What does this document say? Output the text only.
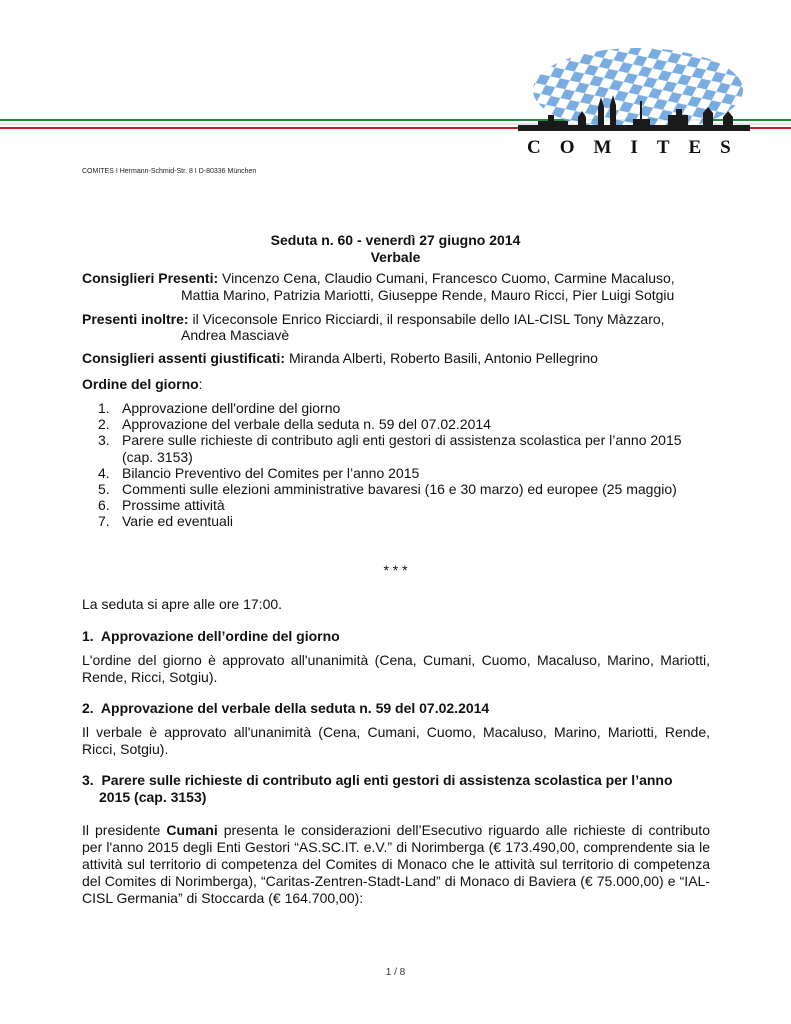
COMITES
COMITES I Hermann-Schmid-Str. 8 I D-80336 München
Seduta n. 60 - venerdì 27 giugno 2014
Verbale
Consiglieri Presenti: Vincenzo Cena, Claudio Cumani, Francesco Cuomo, Carmine Macaluso,
Mattia Marino, Patrizia Mariotti, Giuseppe Rende, Mauro Ricci, Pier Luigi Sotgiu
Presenti inoltre: il Viceconsole Enrico Ricciardi, il responsabile dello IAL-CISL Tony Màzzaro,
Andrea Masciavè
Consiglieri assenti giustificati: Miranda Alberti, Roberto Basili, Antonio Pellegrino
Ordine del giorno:
1. Approvazione dell'ordine del giorno
2. Approvazione del verbale della seduta n. 59 del 07.02.2014
3. Parere sulle richieste di contributo agli enti gestori di assistenza scolastica per l’anno 2015
(cap. 3153)
4. Bilancio Preventivo del Comites per l’anno 2015
5. Commenti sulle elezioni amministrative bavaresi (16 e 30 marzo) ed europee (25 maggio)
6. Prossime attività
7. Varie ed eventuali
* * *
La seduta si apre alle ore 17:00.
1.  Approvazione dell’ordine del giorno
L'ordine del giorno è approvato all'unanimità (Cena, Cumani, Cuomo, Macaluso, Marino, Mariotti, Rende, Ricci, Sotgiu).
2.  Approvazione del verbale della seduta n. 59 del 07.02.2014
Il verbale è approvato all'unanimità (Cena, Cumani, Cuomo, Macaluso, Marino, Mariotti, Rende, Ricci, Sotgiu).
3.  Parere sulle richieste di contributo agli enti gestori di assistenza scolastica per l’anno
2015 (cap. 3153)
Il presidente Cumani presenta le considerazioni dell’Esecutivo riguardo alle richieste di contributo per l'anno 2015 degli Enti Gestori “AS.SC.IT. e.V.” di Norimberga (€ 173.490,00, comprendente sia le attività sul territorio di competenza del Comites di Monaco che le attività sul territorio di competenza del Comites di Norimberga), “Caritas-Zentren-Stadt-Land” di Monaco di Baviera (€ 75.000,00) e “IAL-CISL Germania” di Stoccarda (€ 164.700,00):
1 / 8
